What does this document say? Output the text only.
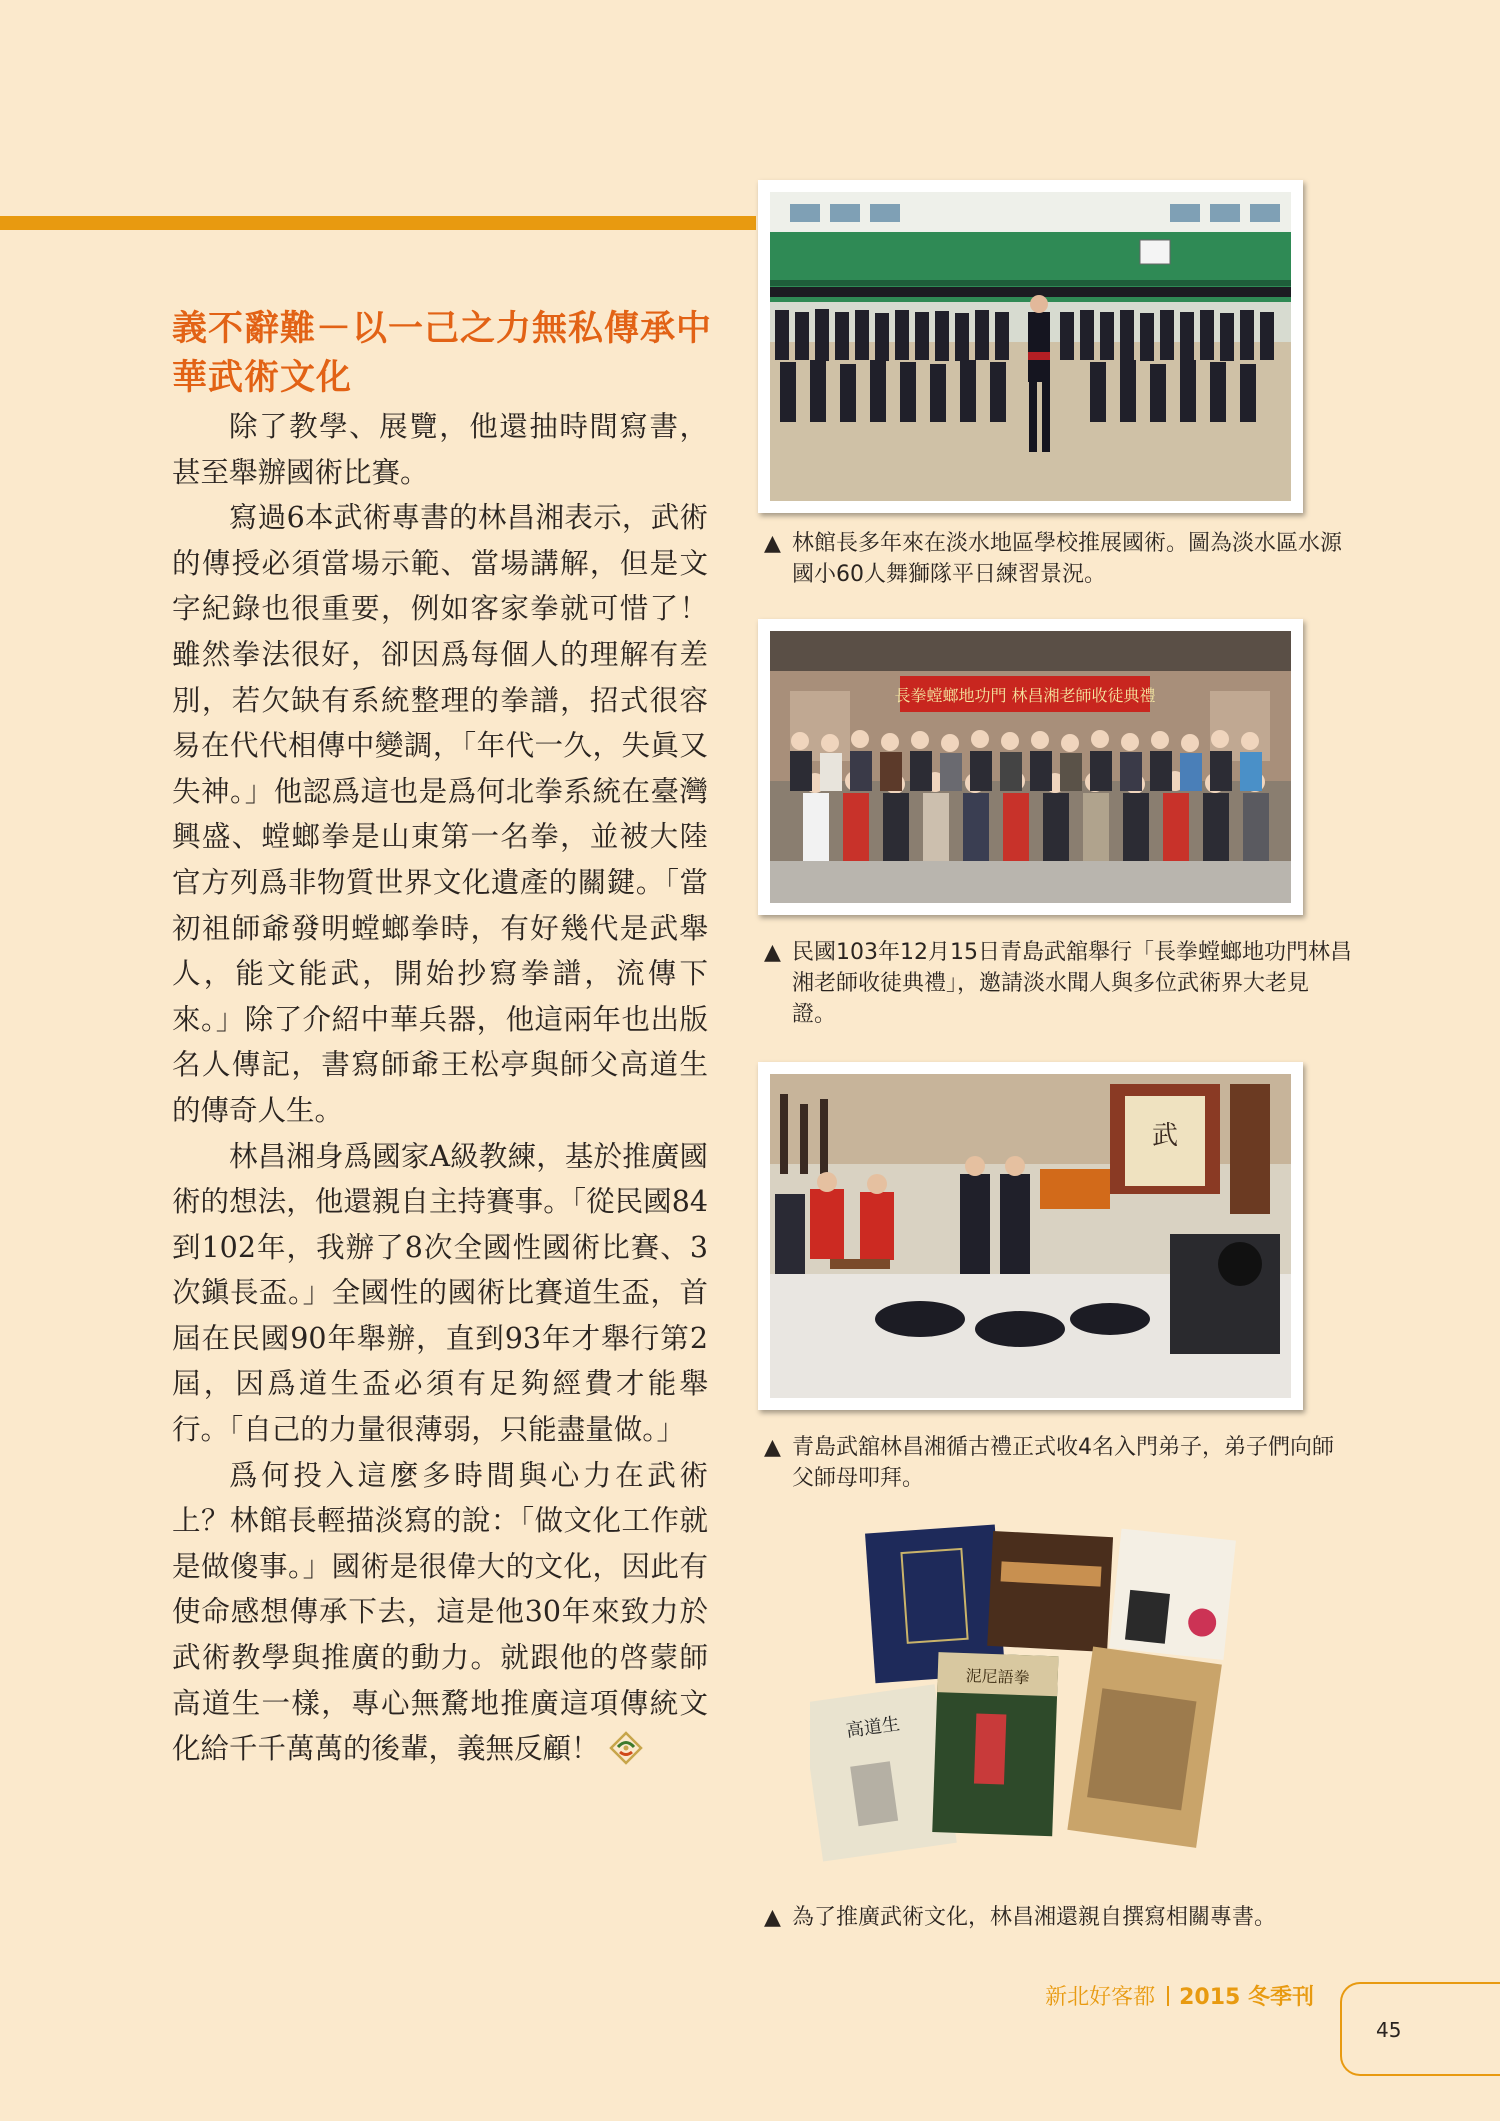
義不辭難－以一己之力無私傳承中華武術文化

除了教學、展覽，他還抽時間寫書，甚至舉辦國術比賽。

寫過6本武術專書的林昌湘表示，武術的傳授必須當場示範、當場講解，但是文字紀錄也很重要，例如客家拳就可惜了！雖然拳法很好，卻因爲每個人的理解有差別，若欠缺有系統整理的拳譜，招式很容易在代代相傳中變調，「年代一久，失眞又失神。」他認爲這也是爲何北拳系統在臺灣興盛、螳螂拳是山東第一名拳，並被大陸官方列爲非物質世界文化遺產的關鍵。「當初祖師爺發明螳螂拳時，有好幾代是武舉人，能文能武，開始抄寫拳譜，流傳下來。」除了介紹中華兵器，他這兩年也出版名人傳記，書寫師爺王松亭與師父高道生的傳奇人生。

林昌湘身爲國家A級教練，基於推廣國術的想法，他還親自主持賽事。「從民國84到102年，我辦了8次全國性國術比賽、3次鎭長盃。」全國性的國術比賽道生盃，首屆在民國90年舉辦，直到93年才舉行第2屆，因爲道生盃必須有足夠經費才能舉行。「自己的力量很薄弱，只能盡量做。」

爲何投入這麼多時間與心力在武術上？林館長輕描淡寫的說：「做文化工作就是做傻事。」國術是很偉大的文化，因此有使命感想傳承下去，這是他30年來致力於武術教學與推廣的動力。就跟他的啓蒙師高道生一樣，專心無騖地推廣這項傳統文化給千千萬萬的後輩，義無反顧！

▲ 林館長多年來在淡水地區學校推展國術。圖為淡水區水源國小60人舞獅隊平日練習景況。
長拳螳螂地功門 林昌湘老師收徒典禮
▲ 民國103年12月15日青島武舘舉行「長拳螳螂地功門林昌湘老師收徒典禮」，邀請淡水聞人與多位武術界大老見證。
武
▲ 青島武舘林昌湘循古禮正式收4名入門弟子，弟子們向師父師母叩拜。
高道生
泥尼語拳
▲ 為了推廣武術文化，林昌湘還親自撰寫相關專書。
新北好客都 2015 冬季刊
45
